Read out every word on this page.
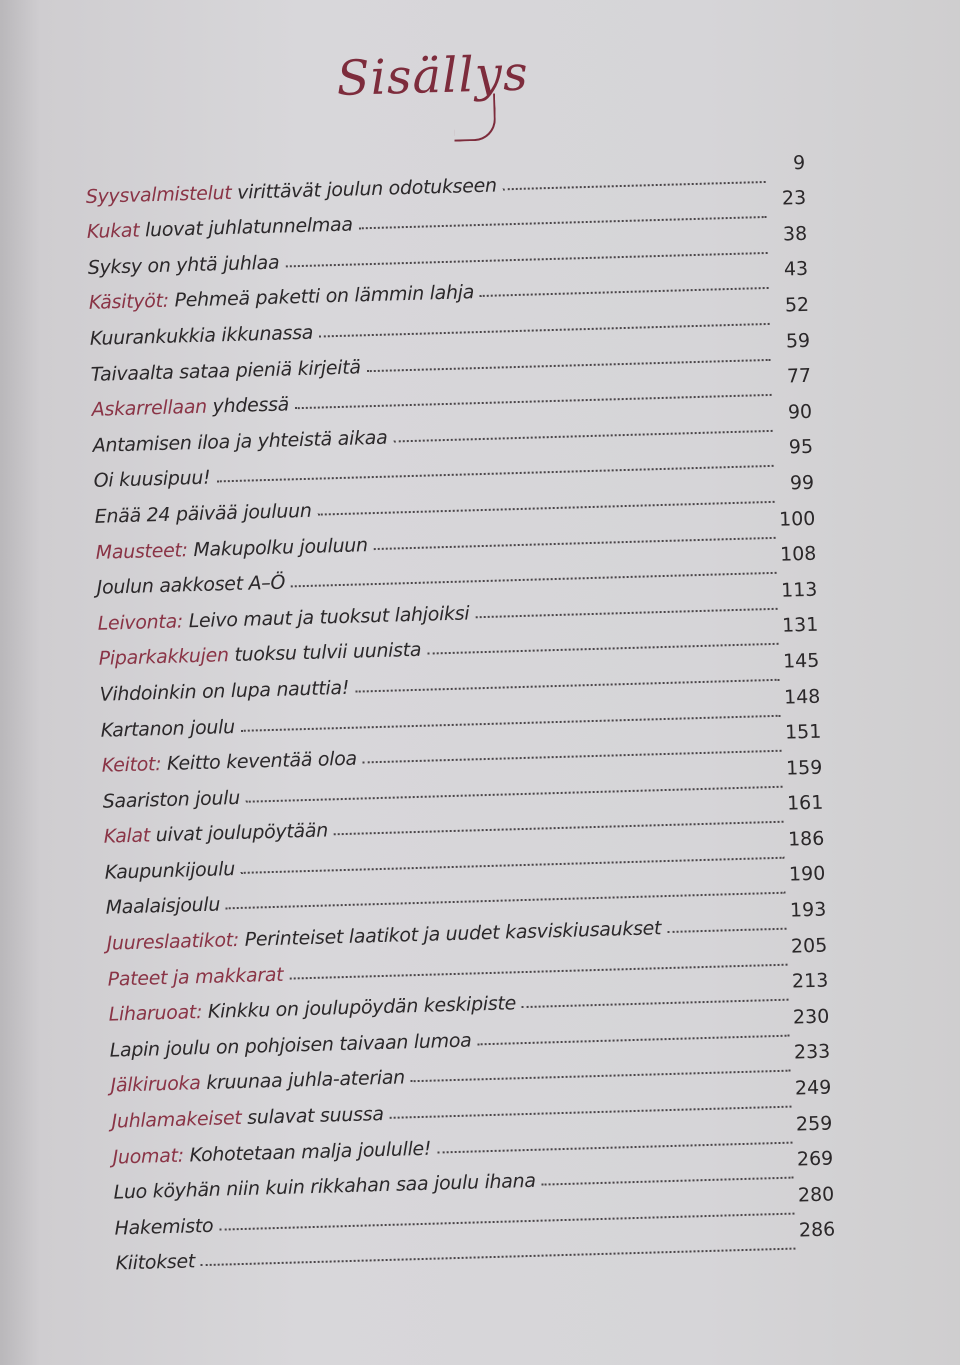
Sisällys
Syysvalmistelut virittävät joulun odotukseen
9
Kukat luovat juhlatunnelmaa
23
Syksy on yhtä juhlaa
38
Käsityöt: Pehmeä paketti on lämmin lahja
43
Kuurankukkia ikkunassa
52
Taivaalta sataa pieniä kirjeitä
59
Askarrellaan yhdessä
77
Antamisen iloa ja yhteistä aikaa
90
Oi kuusipuu!
95
Enää 24 päivää jouluun
99
Mausteet: Makupolku jouluun
100
Joulun aakkoset A–Ö
108
Leivonta: Leivo maut ja tuoksut lahjoiksi
113
Piparkakkujen tuoksu tulvii uunista
131
Vihdoinkin on lupa nauttia!
145
Kartanon joulu
148
Keitot: Keitto keventää oloa
151
Saariston joulu
159
Kalat uivat joulupöytään
161
Kaupunkijoulu
186
Maalaisjoulu
190
Juureslaatikot: Perinteiset laatikot ja uudet kasviskiusaukset
193
Pateet ja makkarat
205
Liharuoat: Kinkku on joulupöydän keskipiste
213
Lapin joulu on pohjoisen taivaan lumoa
230
Jälkiruoka kruunaa juhla-aterian
233
Juhlamakeiset sulavat suussa
249
Juomat: Kohotetaan malja joululle!
259
Luo köyhän niin kuin rikkahan saa joulu ihana
269
Hakemisto
280
Kiitokset
286
